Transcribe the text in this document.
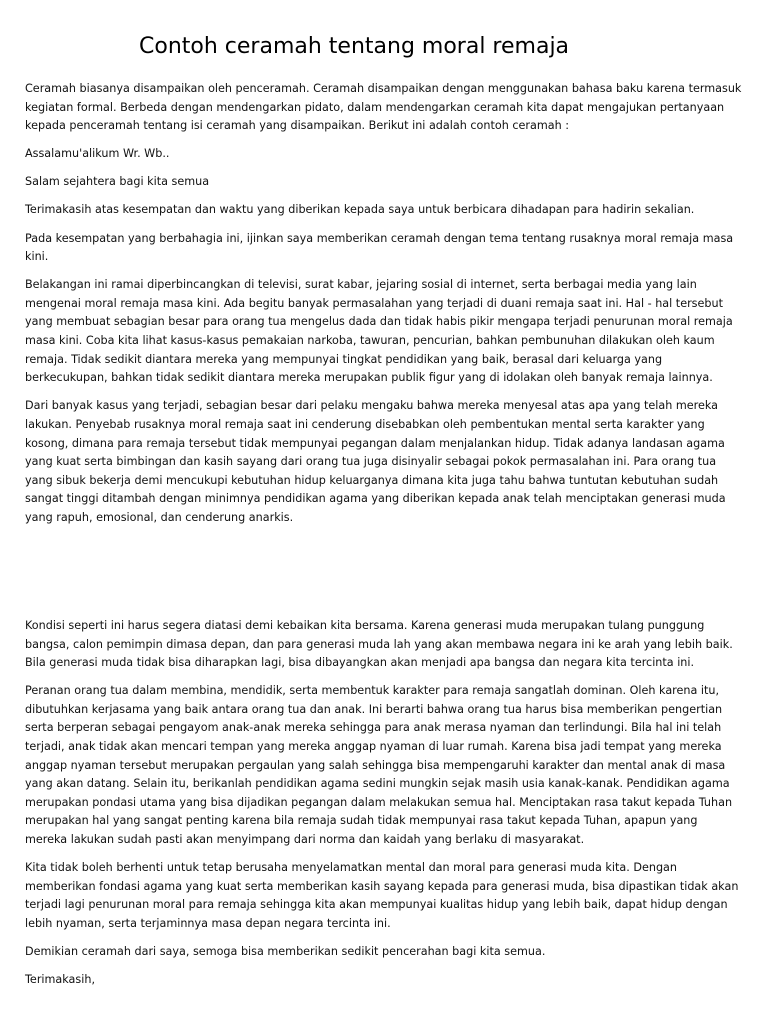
Contoh ceramah tentang moral remaja

Ceramah biasanya disampaikan oleh penceramah. Ceramah disampaikan dengan menggunakan bahasa baku karena termasuk kegiatan formal. Berbeda dengan mendengarkan pidato, dalam mendengarkan ceramah kita dapat mengajukan pertanyaan kepada penceramah tentang isi ceramah yang disampaikan. Berikut ini adalah contoh ceramah :

Assalamu'alikum Wr. Wb..

Salam sejahtera bagi kita semua

Terimakasih atas kesempatan dan waktu yang diberikan kepada saya untuk berbicara dihadapan para hadirin sekalian.

Pada kesempatan yang berbahagia ini, ijinkan saya memberikan ceramah dengan tema tentang rusaknya moral remaja masa kini.

Belakangan ini ramai diperbincangkan di televisi, surat kabar, jejaring sosial di internet, serta berbagai media yang lain mengenai moral remaja masa kini. Ada begitu banyak permasalahan yang terjadi di duani remaja saat ini. Hal - hal tersebut yang membuat sebagian besar para orang tua mengelus dada dan tidak habis pikir mengapa terjadi penurunan moral remaja masa kini. Coba kita lihat kasus-kasus pemakaian narkoba, tawuran, pencurian, bahkan pembunuhan dilakukan oleh kaum remaja. Tidak sedikit diantara mereka yang mempunyai tingkat pendidikan yang baik, berasal dari keluarga yang berkecukupan, bahkan tidak sedikit diantara mereka merupakan publik figur yang di idolakan oleh banyak remaja lainnya.

Dari banyak kasus yang terjadi, sebagian besar dari pelaku mengaku bahwa mereka menyesal atas apa yang telah mereka lakukan. Penyebab rusaknya moral remaja saat ini cenderung disebabkan oleh pembentukan mental serta karakter yang kosong, dimana para remaja tersebut tidak mempunyai pegangan dalam menjalankan hidup. Tidak adanya landasan agama yang kuat serta bimbingan dan kasih sayang dari orang tua juga disinyalir sebagai pokok permasalahan ini. Para orang tua yang sibuk bekerja demi mencukupi kebutuhan hidup keluarganya dimana kita juga tahu bahwa tuntutan kebutuhan sudah sangat tinggi ditambah dengan minimnya pendidikan agama yang diberikan kepada anak telah menciptakan generasi muda yang rapuh, emosional, dan cenderung anarkis.

Kondisi seperti ini harus segera diatasi demi kebaikan kita bersama. Karena generasi muda merupakan tulang punggung bangsa, calon pemimpin dimasa depan, dan para generasi muda lah yang akan membawa negara ini ke arah yang lebih baik. Bila generasi muda tidak bisa diharapkan lagi, bisa dibayangkan akan menjadi apa bangsa dan negara kita tercinta ini.

Peranan orang tua dalam membina, mendidik, serta membentuk karakter para remaja sangatlah dominan. Oleh karena itu, dibutuhkan kerjasama yang baik antara orang tua dan anak. Ini berarti bahwa orang tua harus bisa memberikan pengertian serta berperan sebagai pengayom anak-anak mereka sehingga para anak merasa nyaman dan terlindungi. Bila hal ini telah terjadi, anak tidak akan mencari tempan yang mereka anggap nyaman di luar rumah. Karena bisa jadi tempat yang mereka anggap nyaman tersebut merupakan pergaulan yang salah sehingga bisa mempengaruhi karakter dan mental anak di masa yang akan datang. Selain itu, berikanlah pendidikan agama sedini mungkin sejak masih usia kanak-kanak. Pendidikan agama merupakan pondasi utama yang bisa dijadikan pegangan dalam melakukan semua hal. Menciptakan rasa takut kepada Tuhan merupakan hal yang sangat penting karena bila remaja sudah tidak mempunyai rasa takut kepada Tuhan, apapun yang mereka lakukan sudah pasti akan menyimpang dari norma dan kaidah yang berlaku di masyarakat.

Kita tidak boleh berhenti untuk tetap berusaha menyelamatkan mental dan moral para generasi muda kita. Dengan memberikan fondasi agama yang kuat serta memberikan kasih sayang kepada para generasi muda, bisa dipastikan tidak akan terjadi lagi penurunan moral para remaja sehingga kita akan mempunyai kualitas hidup yang lebih baik, dapat hidup dengan lebih nyaman, serta terjaminnya masa depan negara tercinta ini.

Demikian ceramah dari saya, semoga bisa memberikan sedikit pencerahan bagi kita semua.

Terimakasih,
